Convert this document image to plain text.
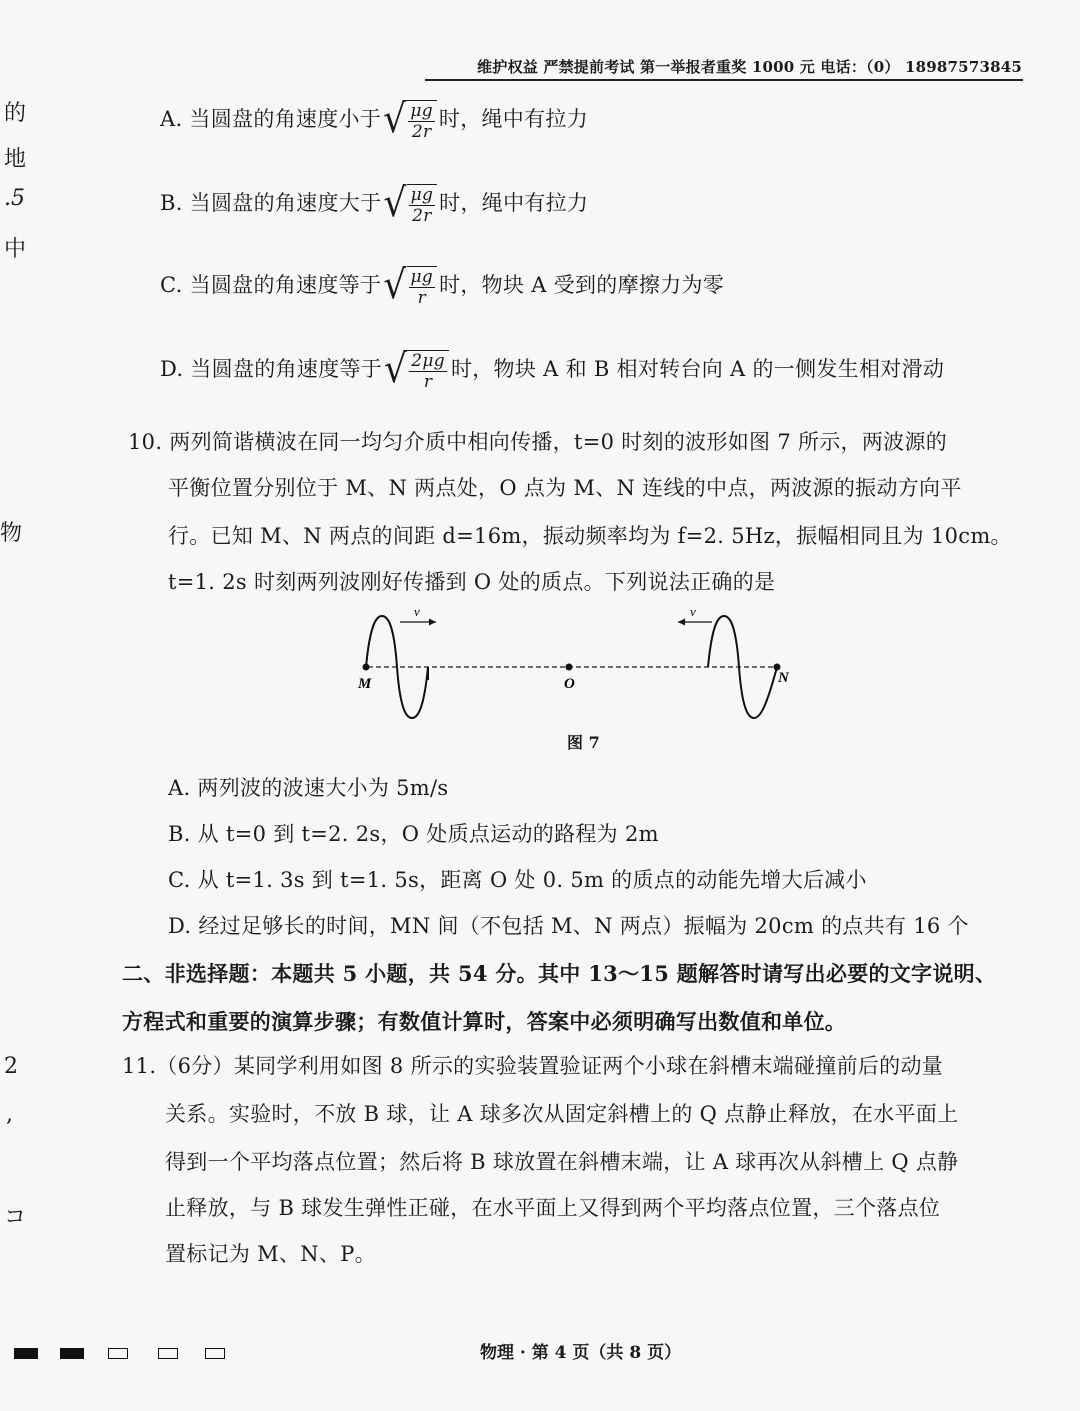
维护权益 严禁提前考试 第一举报者重奖 1000 元 电话：（0） 18987573845
的
地
.5
中
物
2
,
コ
A. 当圆盘的角速度小于 √ $\frac{\mu g}{2r}$ 时，绳中有拉力
B. 当圆盘的角速度大于 √ $\frac{\mu g}{2r}$ 时，绳中有拉力
C. 当圆盘的角速度等于 √ $\frac{\mu g}{r}$ 时，物块 A 受到的摩擦力为零
D. 当圆盘的角速度等于 √ $\frac{2\mu g}{r}$ 时，物块 A 和 B 相对转台向 A 的一侧发生相对滑动
10. 两列简谐横波在同一均匀介质中相向传播，t=0 时刻的波形如图 7 所示，两波源的
平衡位置分别位于 M、N 两点处，O 点为 M、N 连线的中点，两波源的振动方向平
行。已知 M、N 两点的间距 d=16m，振动频率均为 f=2. 5Hz，振幅相同且为 10cm。
t=1. 2s 时刻两列波刚好传播到 O 处的质点。下列说法正确的是
v	v
M	O	N
图 7
A. 两列波的波速大小为 5m/s
B. 从 t=0 到 t=2. 2s，O 处质点运动的路程为 2m
C. 从 t=1. 3s 到 t=1. 5s，距离 O 处 0. 5m 的质点的动能先增大后减小
D. 经过足够长的时间，MN 间（不包括 M、N 两点）振幅为 20cm 的点共有 16 个
二、非选择题：本题共 5 小题，共 54 分。其中 13～15 题解答时请写出必要的文字说明、
方程式和重要的演算步骤；有数值计算时，答案中必须明确写出数值和单位。
11.（6分）某同学利用如图 8 所示的实验装置验证两个小球在斜槽末端碰撞前后的动量
关系。实验时，不放 B 球，让 A 球多次从固定斜槽上的 Q 点静止释放，在水平面上
得到一个平均落点位置；然后将 B 球放置在斜槽末端，让 A 球再次从斜槽上 Q 点静
止释放，与 B 球发生弹性正碰，在水平面上又得到两个平均落点位置，三个落点位
置标记为 M、N、P。
物理 · 第 4 页（共 8 页）
